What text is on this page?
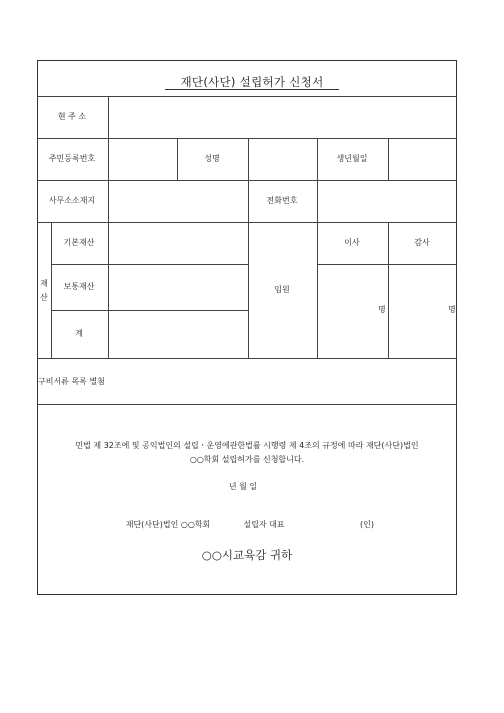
재단(사단) 설립허가 신청서
현 주 소
주민등록번호	성명	생년월일
사무소소재지	전화번호
재산
기본재산
보통재산
계
임원
이사	감사
명	명
구비서류 목록 별첨
민법 제 32조에 및 공익법인의 설립ㆍ운영에관한법률 시행령 제 4조의 규정에 따라 재단(사단)법인
○○학회 설립허가를 신청합니다.
년 월 일
재단(사단)법인 ○○학회	설립자 대표	(인)
○○시교육감 귀하
